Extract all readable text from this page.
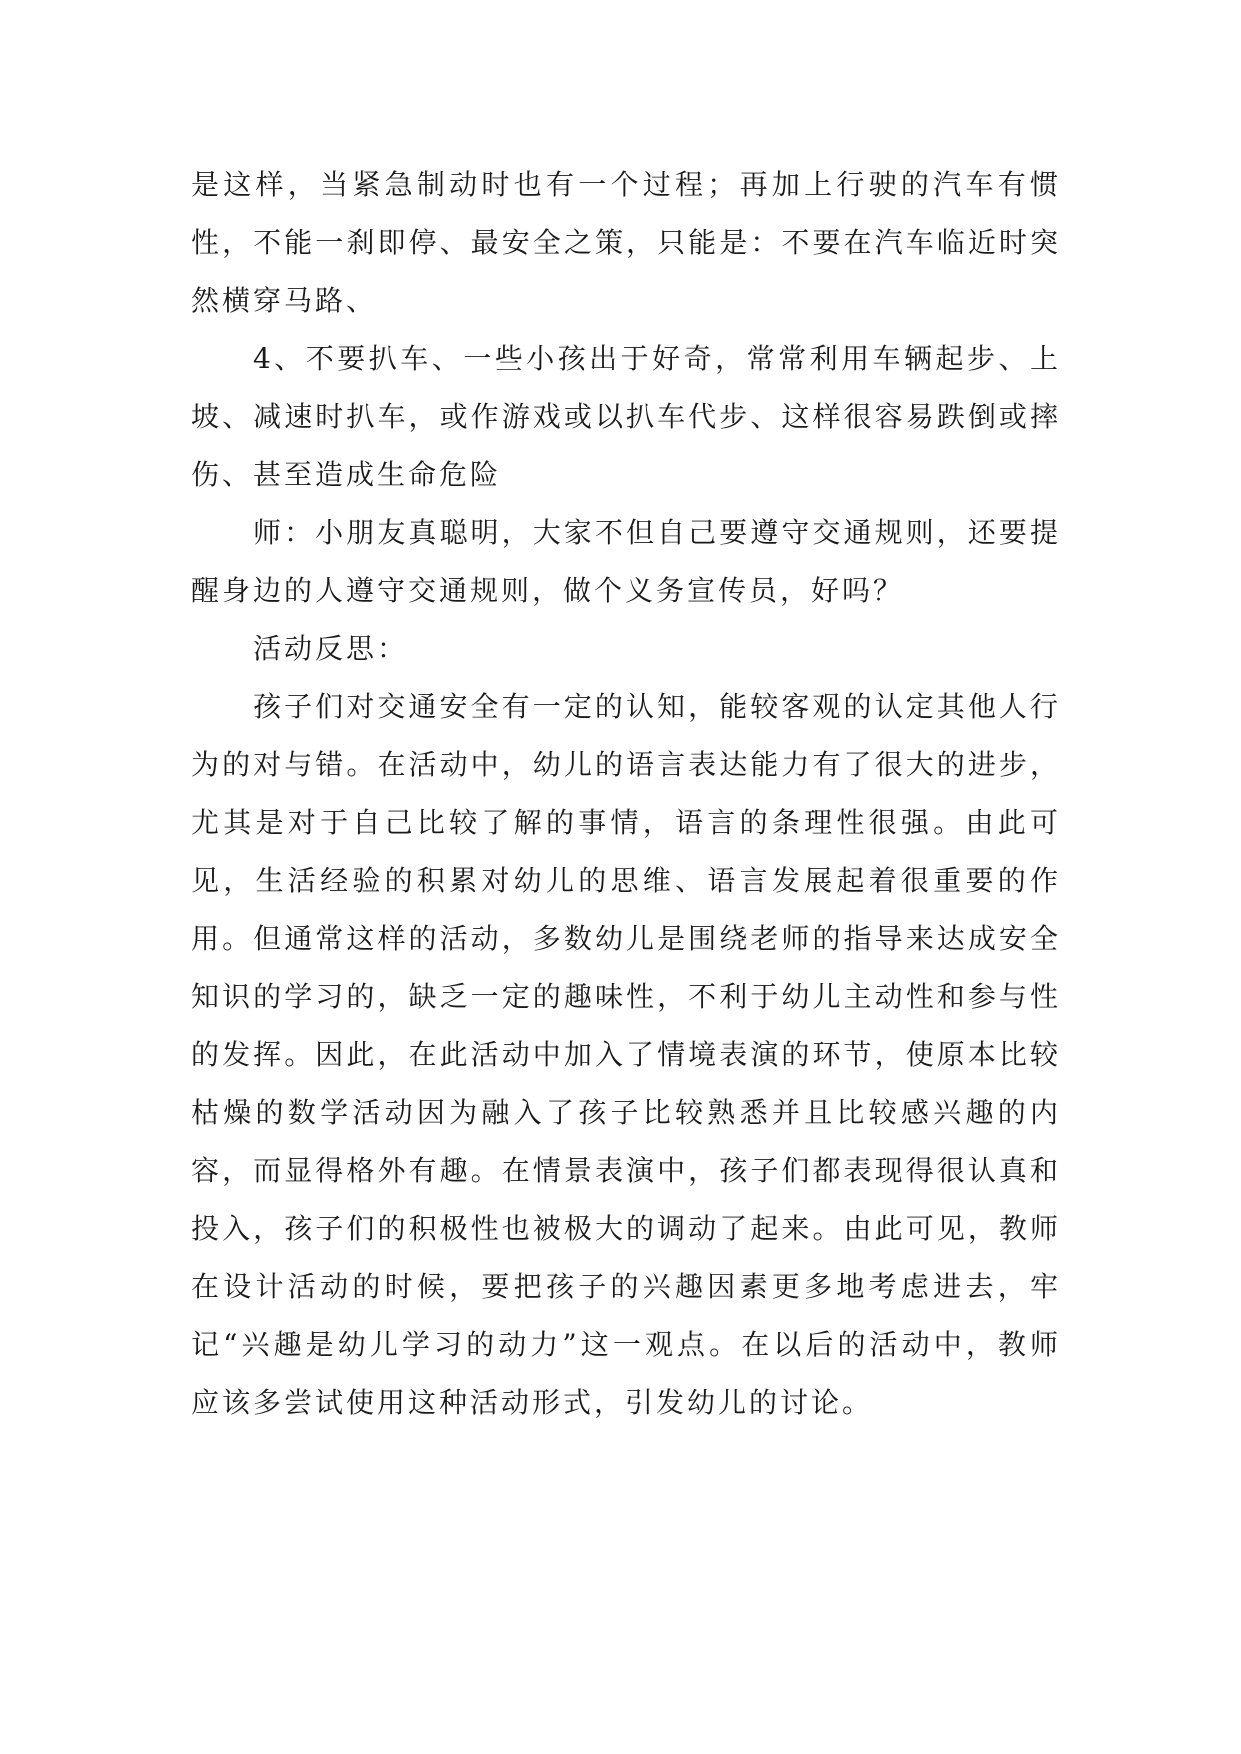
是这样，当紧急制动时也有一个过程；再加上行驶的汽车有惯性，不能一刹即停、最安全之策，只能是：不要在汽车临近时突然横穿马路、

4、不要扒车、一些小孩出于好奇，常常利用车辆起步、上坡、减速时扒车，或作游戏或以扒车代步、这样很容易跌倒或摔伤、甚至造成生命危险

师：小朋友真聪明，大家不但自己要遵守交通规则，还要提醒身边的人遵守交通规则，做个义务宣传员，好吗？

活动反思：

孩子们对交通安全有一定的认知，能较客观的认定其他人行为的对与错。在活动中，幼儿的语言表达能力有了很大的进步，尤其是对于自己比较了解的事情，语言的条理性很强。由此可见，生活经验的积累对幼儿的思维、语言发展起着很重要的作用。但通常这样的活动，多数幼儿是围绕老师的指导来达成安全知识的学习的，缺乏一定的趣味性，不利于幼儿主动性和参与性的发挥。因此，在此活动中加入了情境表演的环节，使原本比较枯燥的数学活动因为融入了孩子比较熟悉并且比较感兴趣的内容，而显得格外有趣。在情景表演中，孩子们都表现得很认真和投入，孩子们的积极性也被极大的调动了起来。由此可见，教师在设计活动的时候，要把孩子的兴趣因素更多地考虑进去，牢记“兴趣是幼儿学习的动力”这一观点。在以后的活动中，教师应该多尝试使用这种活动形式，引发幼儿的讨论。
